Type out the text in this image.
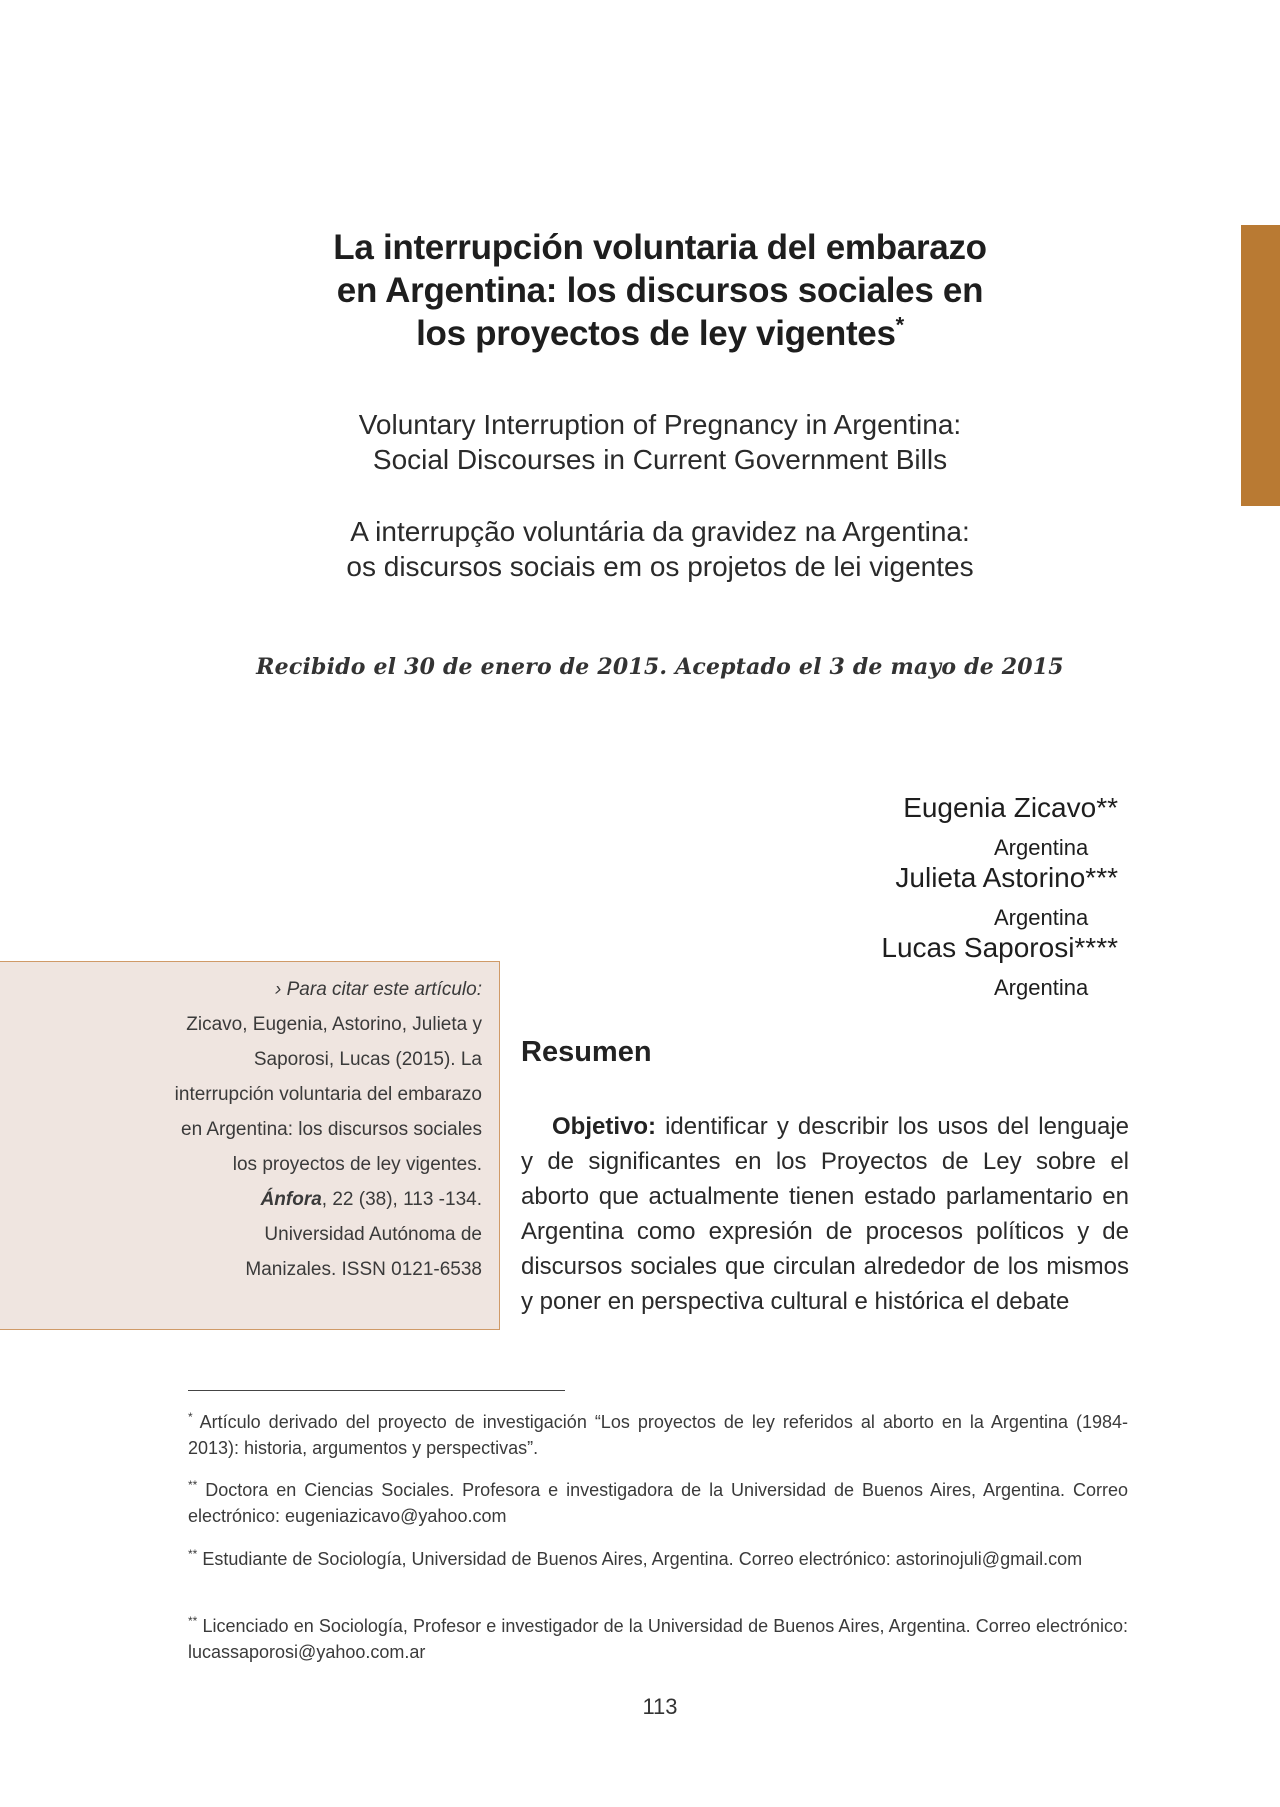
La interrupción voluntaria del embarazo
en Argentina: los discursos sociales en
los proyectos de ley vigentes*
Voluntary Interruption of Pregnancy in Argentina:
Social Discourses in Current Government Bills
A interrupção voluntária da gravidez na Argentina:
os discursos sociais em os projetos de lei vigentes
Recibido el 30 de enero de 2015. Aceptado el 3 de mayo de 2015
Eugenia Zicavo**
Argentina
Julieta Astorino***
Argentina
Lucas Saporosi****
Argentina
› Para citar este artículo:
Zicavo, Eugenia, Astorino, Julieta y Saporosi, Lucas (2015). La interrupción voluntaria del embarazo en Argentina: los discursos sociales los proyectos de ley vigentes. Ánfora, 22 (38), 113 -134. Universidad Autónoma de Manizales. ISSN 0121-6538
Resumen

Objetivo: identificar y describir los usos del lenguaje y de significantes en los Proyectos de Ley sobre el aborto que actualmente tienen estado parlamentario en Argentina como expresión de procesos políticos y de discursos sociales que circulan alrededor de los mismos y poner en perspectiva cultural e histórica el debate

* Artículo derivado del proyecto de investigación “Los proyectos de ley referidos al aborto en la Argentina (1984-2013): historia, argumentos y perspectivas”.

** Doctora en Ciencias Sociales. Profesora e investigadora de la Universidad de Buenos Aires, Argentina. Correo electrónico: eugeniazicavo@yahoo.com

** Estudiante de Sociología, Universidad de Buenos Aires, Argentina. Correo electrónico: astorinojuli@gmail.com

** Licenciado en Sociología, Profesor e investigador de la Universidad de Buenos Aires, Argentina. Correo electrónico: lucassaporosi@yahoo.com.ar

113
